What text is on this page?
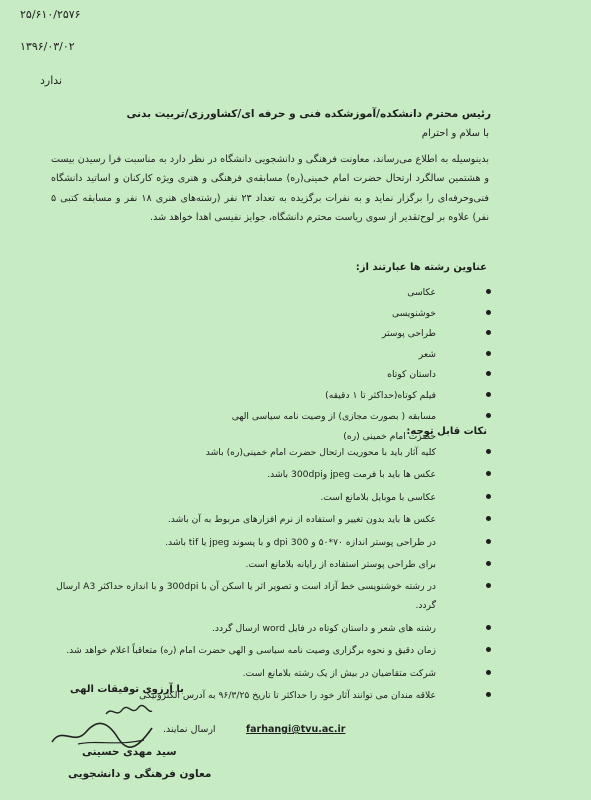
۲۵/۶۱۰/۲۵۷۶
۱۳۹۶/۰۳/۰۲
ندارد
رئیس محترم دانشکده/آموزشکده فنی و حرفه ای/کشاورزی/تربیت بدنی
با سلام و احترام
بدینوسیله به اطلاع می‌رساند، معاونت فرهنگی و دانشجویی دانشگاه در نظر دارد به مناسبت فرا رسیدن بیست و هشتمین سالگرد ارتحال حضرت امام خمینی(ره) مسابقه‌ی فرهنگی و هنری ویژه کارکنان و اساتید دانشگاه فنی‌وحرفه‌ای را برگزار نماید و به نفرات برگزیده به تعداد ۲۳ نفر (رشته‌های هنری ۱۸ نفر و مسابقه کتبی ۵ نفر) علاوه بر لوح‌تقدیر از سوی ریاست محترم دانشگاه، جوایز نفیسی اهدا خواهد شد.
عناوین رشته ها عبارتند از:
عکاسی
خوشنویسی
طراحی پوستر
شعر
داستان کوتاه
فیلم کوتاه(حداکثر تا ۱ دقیقه)
مسابقه ( بصورت مجازی) از وصیت نامه سیاسی الهی حضرت امام خمینی (ره)
نکات قابل توجه:
کلیه آثار باید با محوریت ارتحال حضرت امام خمینی(ره) باشد
عکس ها باید با فرمت jpeg و300dpi باشد.
عکاسی با موبایل بلامانع است.
عکس ها باید بدون تغییر و استفاده از نرم افزارهای مربوط به آن باشد.
در طراحی پوستر اندازه ۷۰*۵۰ و 300 dpi و با پسوند jpeg یا tif باشد.
برای طراحی پوستر استفاده از رایانه بلامانع است.
در رشته خوشنویسی خط آزاد است و تصویر اثر یا اسکن آن با 300dpi و با اندازه حداکثر A3 ارسال گردد.
رشته های شعر و داستان کوتاه در فایل word ارسال گردد.
زمان دقیق و نحوه برگزاری وصیت نامه سیاسی و الهی حضرت امام (ره) متعاقباً اعلام خواهد شد.
شرکت متقاضیان در بیش از یک رشته بلامانع است.
علاقه مندان می توانند آثار خود را حداکثر تا تاریخ ۹۶/۳/۲۵ به آدرس الکترونیکی
farhangi@tvu.ac.ir
ارسال نمایند.
با آرزوی توفیقات الهی
سید مهدی حسینی
معاون فرهنگی و دانشجویی
